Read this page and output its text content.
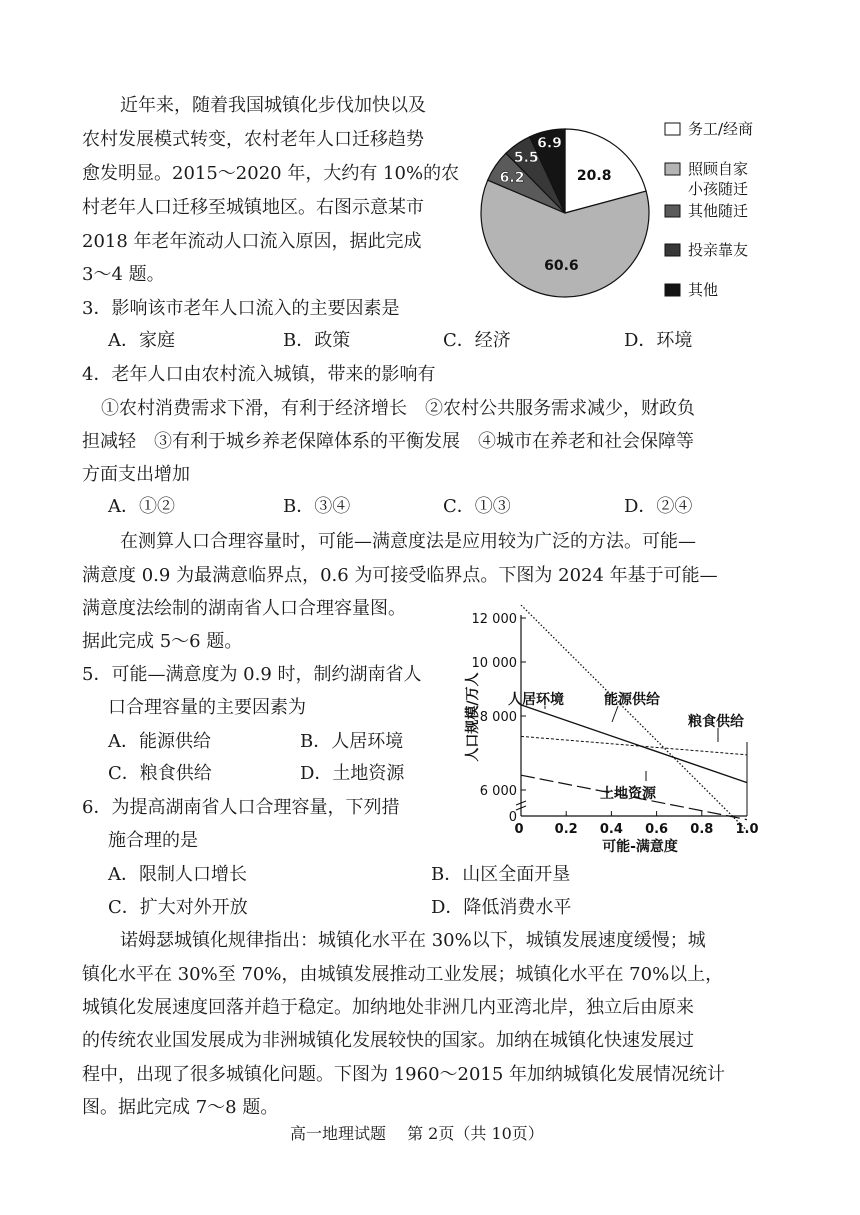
近年来，随着我国城镇化步伐加快以及
农村发展模式转变，农村老年人口迁移趋势
愈发明显。2015～2020 年，大约有 10%的农
村老年人口迁移至城镇地区。右图示意某市
2018 年老年流动人口流入原因，据此完成
3～4 题。
20.8
60.6
6.2
5.5
6.9
务工/经商
照顾自家
小孩随迁
其他随迁
投亲靠友
其他
3．影响该市老年人口流入的主要因素是
A．家庭	B．政策	C．经济	D．环境
4．老年人口由农村流入城镇，带来的影响有
①农村消费需求下滑，有利于经济增长　②农村公共服务需求减少，财政负
担减轻　③有利于城乡养老保障体系的平衡发展　④城市在养老和社会保障等
方面支出增加
A．①②	B．③④	C．①③	D．②④
在测算人口合理容量时，可能—满意度法是应用较为广泛的方法。可能—
满意度 0.9 为最满意临界点，0.6 为可接受临界点。下图为 2024 年基于可能—
满意度法绘制的湖南省人口合理容量图。
据此完成 5～6 题。
0
6 000
8 000
10 000
12 000
0 0.2 0.4 0.6 0.8 1.0
可能-满意度
人口规模/万人 人居环境	能源供给
粮食供给
土地资源
5．可能—满意度为 0.9 时，制约湖南省人
口合理容量的主要因素为
A．能源供给	B．人居环境
C．粮食供给	D．土地资源
6．为提高湖南省人口合理容量，下列措
施合理的是
A．限制人口增长	B．山区全面开垦
C．扩大对外开放	D．降低消费水平
诺姆瑟城镇化规律指出：城镇化水平在 30%以下，城镇发展速度缓慢；城
镇化水平在 30%至 70%，由城镇发展推动工业发展；城镇化水平在 70%以上，
城镇化发展速度回落并趋于稳定。加纳地处非洲几内亚湾北岸，独立后由原来
的传统农业国发展成为非洲城镇化发展较快的国家。加纳在城镇化快速发展过
程中，出现了很多城镇化问题。下图为 1960～2015 年加纳城镇化发展情况统计
图。据此完成 7～8 题。
高一地理试题　 第 2页（共 10页）
